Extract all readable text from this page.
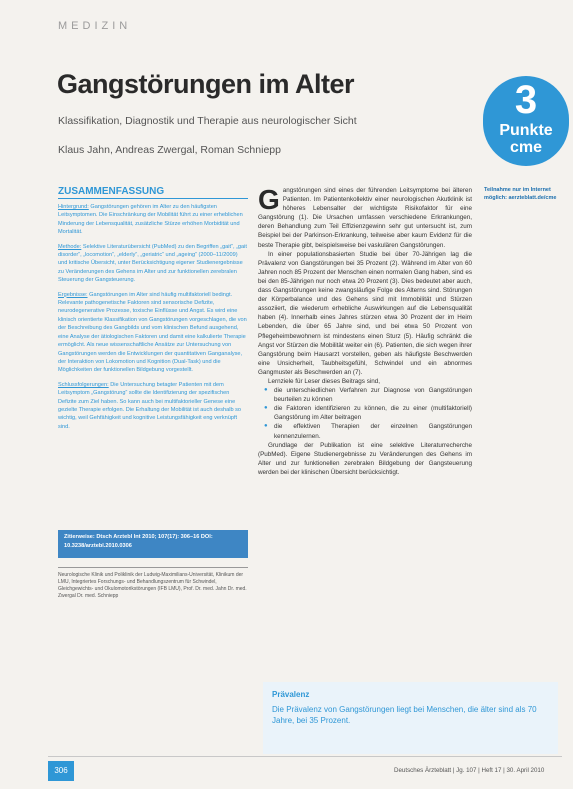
MEDIZIN
Gangstörungen im Alter
Klassifikation, Diagnostik und Therapie aus neurologischer Sicht
Klaus Jahn, Andreas Zwergal, Roman Schniepp
3
Punkte
cme
Teilnahme nur im Internet möglich: aerzteblatt.de/cme
ZUSAMMENFASSUNG

Hintergrund: Gangstörungen gehören im Alter zu den häufigsten Leitsymptomen. Die Einschränkung der Mobilität führt zu einer erheblichen Minderung der Lebensqualität, zusätzliche Stürze erhöhen Morbidität und Mortalität.

Methode: Selektive Literaturübersicht (PubMed) zu den Begriffen „gait“, „gait disorder“, „locomotion“, „elderly“, „geriatric“ und „ageing“ (2000–11/2009) und kritische Übersicht, unter Berücksichtigung eigener Studienergebnisse zu Veränderungen des Gehens im Alter und zur funktionellen zerebralen Steuerung der Gangsteuerung.

Ergebnisse: Gangstörungen im Alter sind häufig multifaktoriell bedingt. Relevante pathogenetische Faktoren sind sensorische Defizite, neurodegenerative Prozesse, toxische Einflüsse und Angst. Es wird eine klinisch orientierte Klassifikation von Gangstörungen vorgeschlagen, die von der Beschreibung des Gangbilds und vom klinischen Befund ausgehend, eine Analyse der ätiologischen Faktoren und damit eine kalkulierte Therapie ermöglicht. Als neue wissenschaftliche Ansätze zur Untersuchung von Gangstörungen werden die Entwicklungen der quantitativen Ganganalyse, der Interaktion von Lokomotion und Kognition (Dual-Task) und die Möglichkeiten der funktionellen Bildgebung vorgestellt.

Schlussfolgerungen: Die Untersuchung betagter Patienten mit dem Leitsymptom „Gangstörung“ sollte die Identifizierung der spezifischen Defizite zum Ziel haben. So kann auch bei multifaktorieller Genese eine gezielte Therapie erfolgen. Die Erhaltung der Mobilität ist auch deshalb so wichtig, weil Gehfähigkeit und kognitive Leistungsfähigkeit eng verknüpft sind.

Zitierweise: Dtsch Arztebl Int 2010; 107(17): 306–16 DOI: 10.3238/arztebl.2010.0306
Neurologische Klinik und Poliklinik der Ludwig-Maximilians-Universität, Klinikum der LMU, Integriertes Forschungs- und Behandlungszentrum für Schwindel, Gleichgewichts- und Okulomotorikstörungen (IFB LMU), Prof. Dr. med. Jahn Dr. med. Zwergal Dr. med. Schniepp

Gangstörungen sind eines der führenden Leitsymptome bei älteren Patienten. Im Patientenkollektiv einer neurologischen Akutklinik ist höheres Lebensalter der wichtigste Risikofaktor für eine Gangstörung (1). Die Ursachen umfassen verschiedene Erkrankungen, deren Behandlung zum Teil Effizienzgewinn sehr gut untersucht ist, zum Beispiel bei der Parkinson-Erkrankung, teilweise aber kaum Evidenz für die beste Therapie gibt, beispielsweise bei vaskulären Gangstörungen.

In einer populationsbasierten Studie bei über 70-Jährigen lag die Prävalenz von Gangstörungen bei 35 Prozent (2). Während im Alter von 60 Jahren noch 85 Prozent der Menschen einen normalen Gang haben, sind es bei den 85-Jährigen nur noch etwa 20 Prozent (3). Dies bedeutet aber auch, dass Gangstörungen keine zwangsläufige Folge des Alterns sind. Störungen der Körperbalance und des Gehens sind mit Immobilität und Stürzen assoziiert, die wiederum erhebliche Auswirkungen auf die Lebensqualität haben (4). Innerhalb eines Jahres stürzen etwa 30 Prozent der im Heim Lebenden, die über 65 Jahre sind, und bei etwa 50 Prozent von Pflegeheimbewohnern ist mindestens einen Sturz (5). Häufig schränkt die Angst vor Stürzen die Mobilität weiter ein (6). Patienten, die sich wegen ihrer Gangstörung beim Hausarzt vorstellen, geben als häufigste Beschwerden eine Unsicherheit, Taubheitsgefühl, Schwindel und ein abnormes Gangmuster als Beschwerden an (7).

Lernziele für Leser dieses Beitrags sind,

● die unterschiedlichen Verfahren zur Diagnose von Gangstörungen beurteilen zu können
● die Faktoren identifizieren zu können, die zu einer (multifaktoriell) Gangstörung im Alter beitragen
● die effektiven Therapien der einzelnen Gangstörungen kennenzulernen.

Grundlage der Publikation ist eine selektive Literaturrecherche (PubMed). Eigene Studienergebnisse zu Veränderungen des Gehens im Alter und zur funktionellen zerebralen Bildgebung der Gangsteuerung werden bei der klinischen Übersicht berücksichtigt.

Prävalenz
Die Prävalenz von Gangstörungen liegt bei Menschen, die älter sind als 70 Jahre, bei 35 Prozent.
306	Deutsches Ärzteblatt | Jg. 107 | Heft 17 | 30. April 2010
